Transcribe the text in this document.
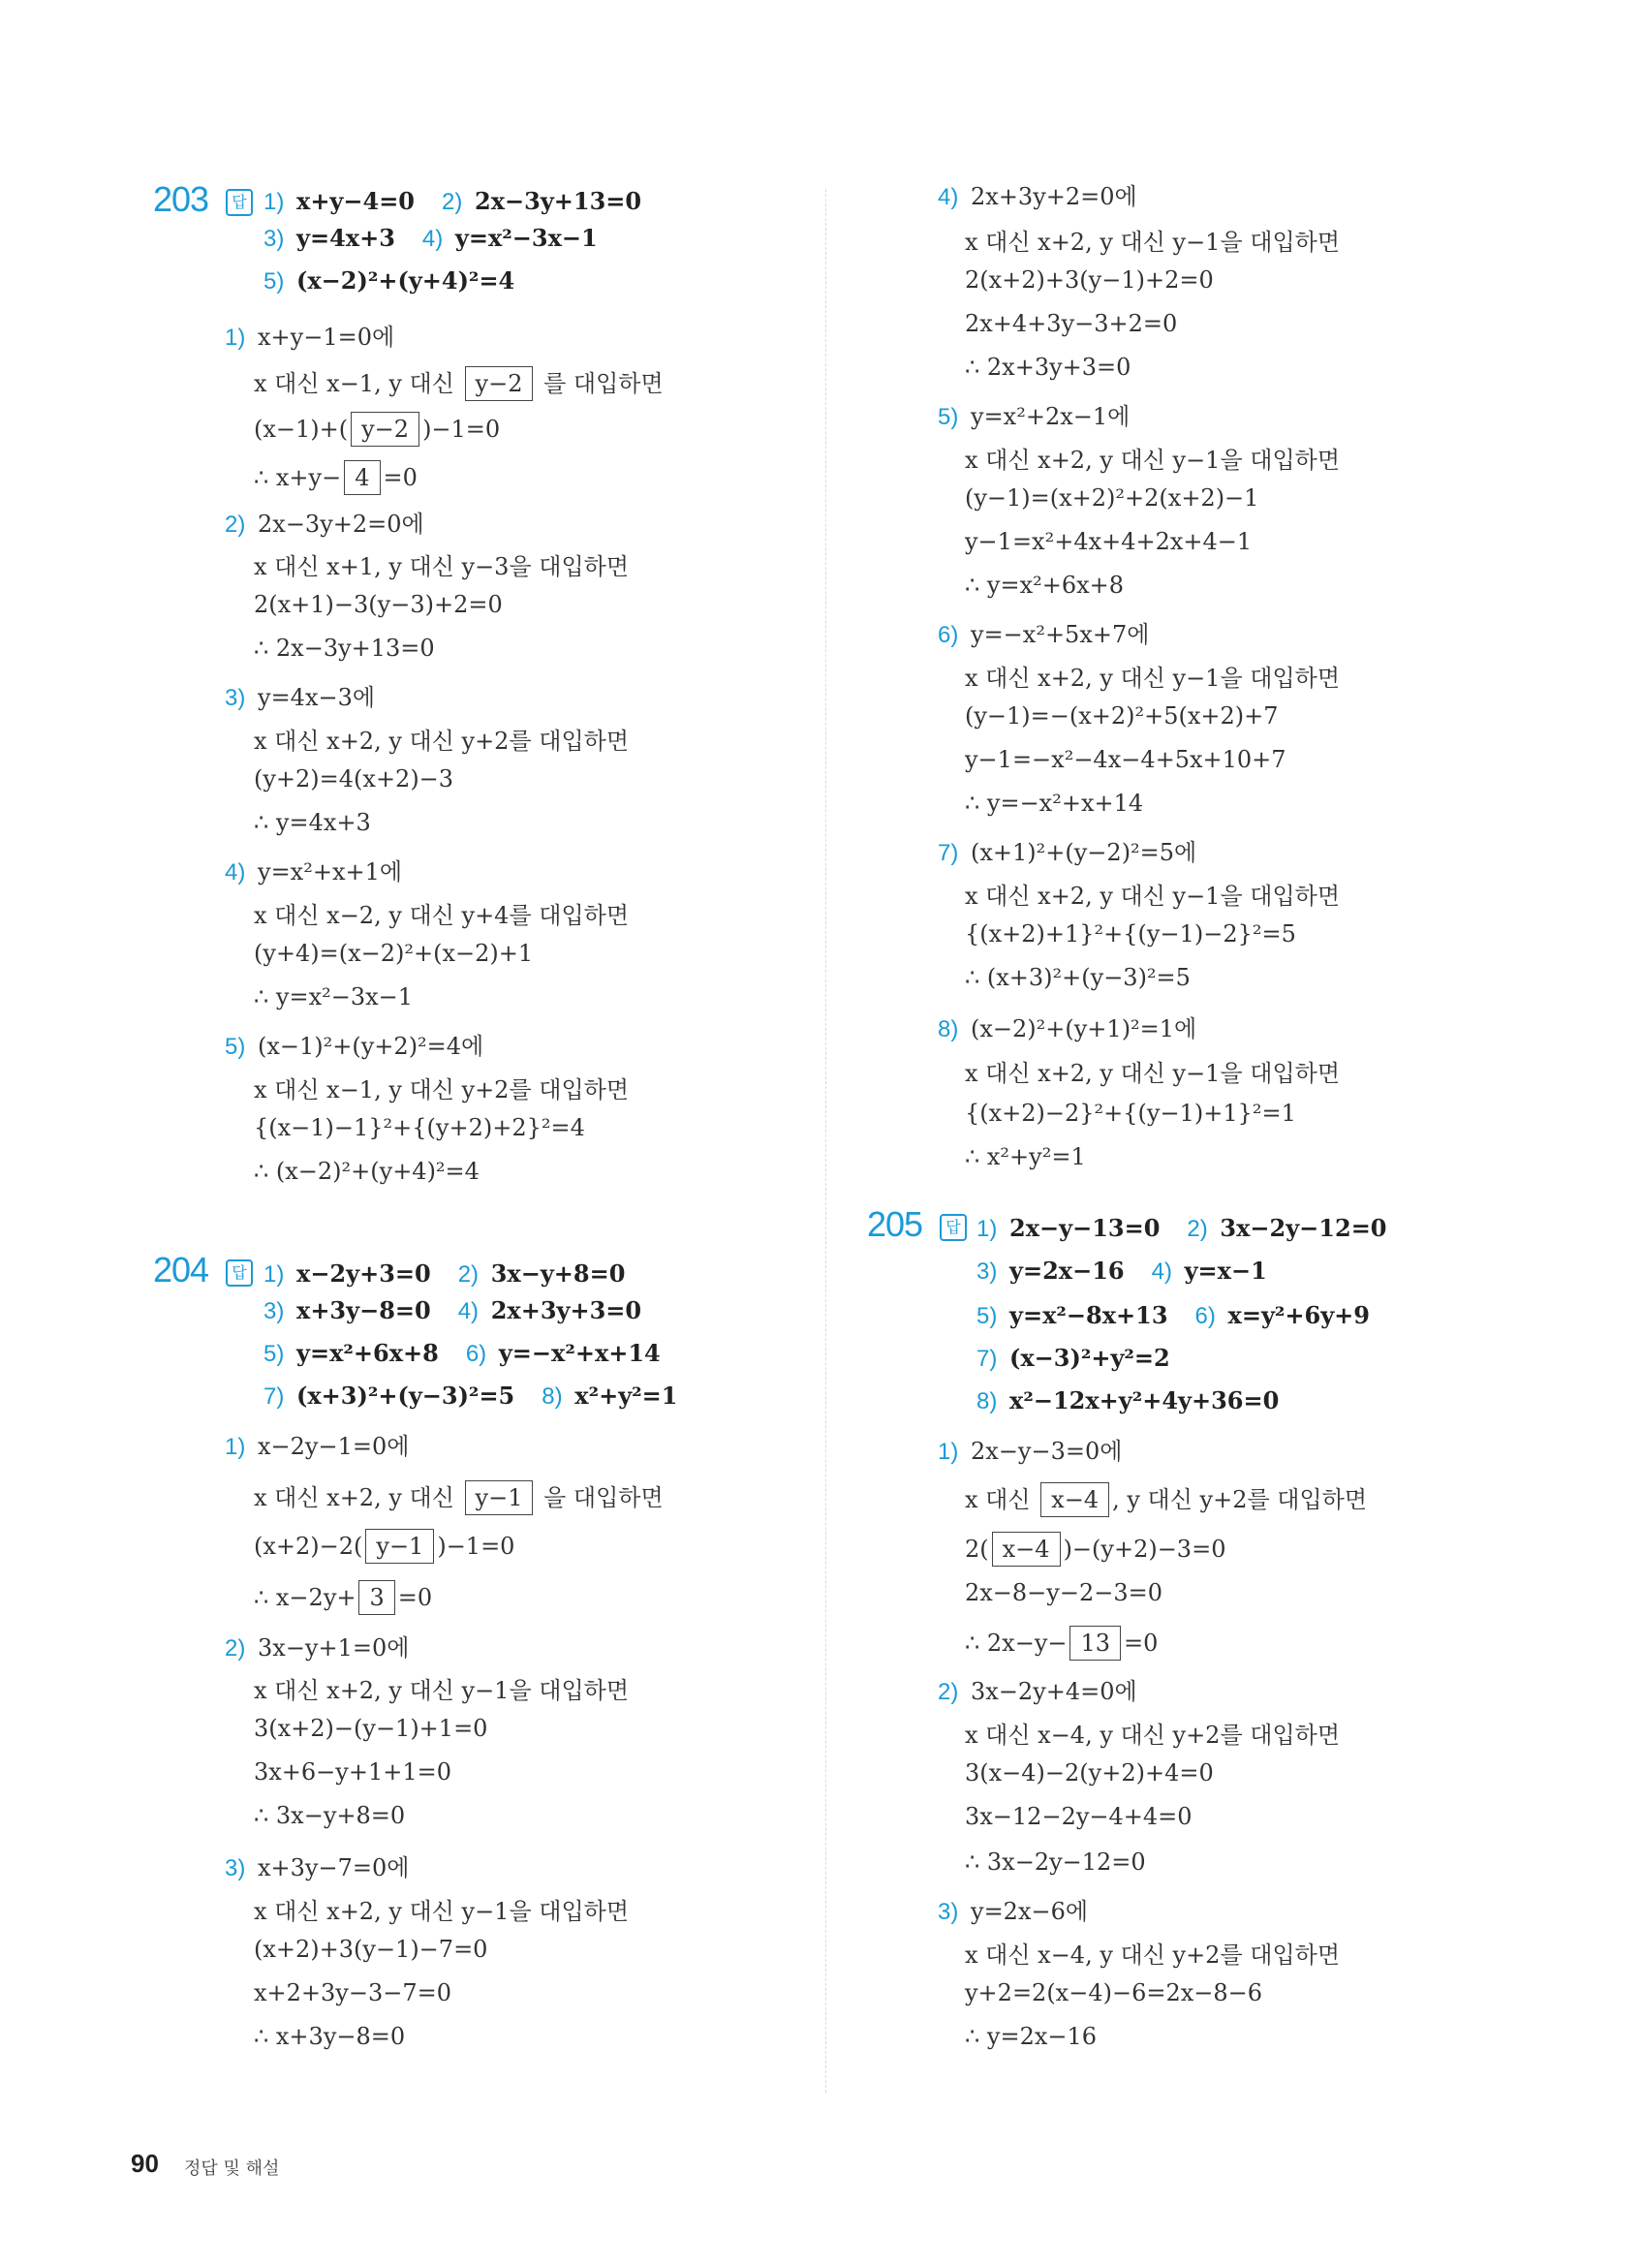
203	답 1) x+y−4=0 2) 2x−3y+13=0
3) y=4x+3 4) y=x²−3x−1
5) (x−2)²+(y+4)²=4
1) x+y−1=0에
x 대신 x−1, y 대신 y−2 를 대입하면
(x−1)+( y−2 )−1=0
∴ x+y− 4 =0
2) 2x−3y+2=0에
x 대신 x+1, y 대신 y−3을 대입하면
2(x+1)−3(y−3)+2=0
∴ 2x−3y+13=0
3) y=4x−3에
x 대신 x+2, y 대신 y+2를 대입하면
(y+2)=4(x+2)−3
∴ y=4x+3
4) y=x²+x+1에
x 대신 x−2, y 대신 y+4를 대입하면
(y+4)=(x−2)²+(x−2)+1
∴ y=x²−3x−1
5) (x−1)²+(y+2)²=4에
x 대신 x−1, y 대신 y+2를 대입하면
{(x−1)−1}²+{(y+2)+2}²=4
∴ (x−2)²+(y+4)²=4
204	답 1) x−2y+3=0 2) 3x−y+8=0
3) x+3y−8=0 4) 2x+3y+3=0
5) y=x²+6x+8 6) y=−x²+x+14
7) (x+3)²+(y−3)²=5 8) x²+y²=1
1) x−2y−1=0에
x 대신 x+2, y 대신 y−1 을 대입하면
(x+2)−2( y−1 )−1=0
∴ x−2y+ 3 =0
2) 3x−y+1=0에
x 대신 x+2, y 대신 y−1을 대입하면
3(x+2)−(y−1)+1=0
3x+6−y+1+1=0
∴ 3x−y+8=0
3) x+3y−7=0에
x 대신 x+2, y 대신 y−1을 대입하면
(x+2)+3(y−1)−7=0
x+2+3y−3−7=0
∴ x+3y−8=0
4) 2x+3y+2=0에
x 대신 x+2, y 대신 y−1을 대입하면
2(x+2)+3(y−1)+2=0
2x+4+3y−3+2=0
∴ 2x+3y+3=0
5) y=x²+2x−1에
x 대신 x+2, y 대신 y−1을 대입하면
(y−1)=(x+2)²+2(x+2)−1
y−1=x²+4x+4+2x+4−1
∴ y=x²+6x+8
6) y=−x²+5x+7에
x 대신 x+2, y 대신 y−1을 대입하면
(y−1)=−(x+2)²+5(x+2)+7
y−1=−x²−4x−4+5x+10+7
∴ y=−x²+x+14
7) (x+1)²+(y−2)²=5에
x 대신 x+2, y 대신 y−1을 대입하면
{(x+2)+1}²+{(y−1)−2}²=5
∴ (x+3)²+(y−3)²=5
8) (x−2)²+(y+1)²=1에
x 대신 x+2, y 대신 y−1을 대입하면
{(x+2)−2}²+{(y−1)+1}²=1
∴ x²+y²=1
205	답 1) 2x−y−13=0 2) 3x−2y−12=0
3) y=2x−16 4) y=x−1
5) y=x²−8x+13 6) x=y²+6y+9
7) (x−3)²+y²=2
8) x²−12x+y²+4y+36=0
1) 2x−y−3=0에
x 대신 x−4 , y 대신 y+2를 대입하면
2( x−4 )−(y+2)−3=0
2x−8−y−2−3=0
∴ 2x−y− 13 =0
2) 3x−2y+4=0에
x 대신 x−4, y 대신 y+2를 대입하면
3(x−4)−2(y+2)+4=0
3x−12−2y−4+4=0
∴ 3x−2y−12=0
3) y=2x−6에
x 대신 x−4, y 대신 y+2를 대입하면
y+2=2(x−4)−6=2x−8−6
∴ y=2x−16
90 정답 및 해설
